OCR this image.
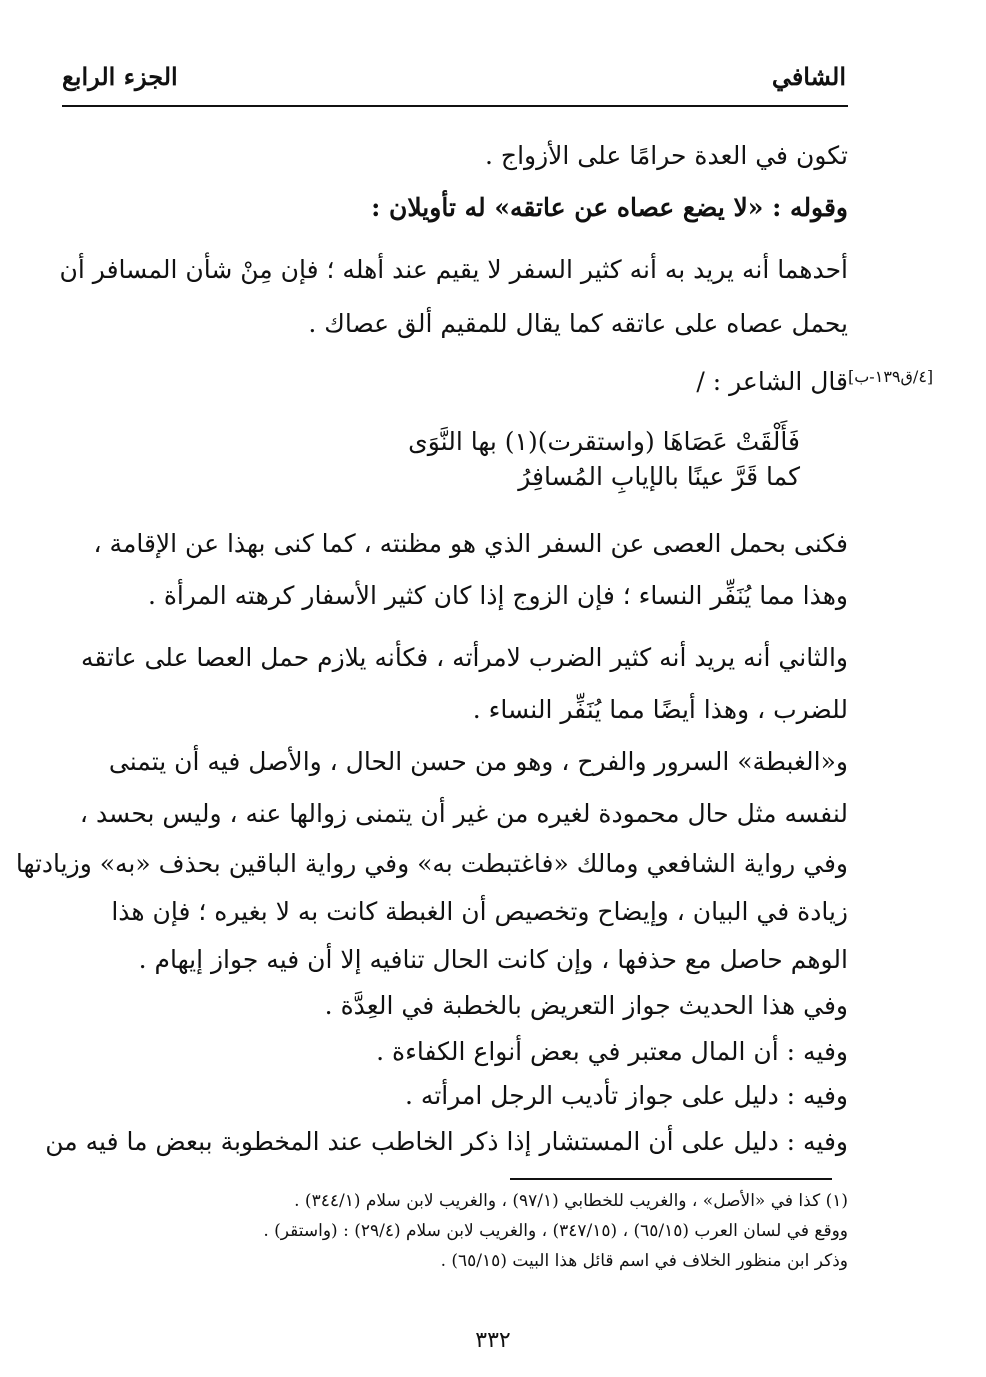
الشافي
الجزء الرابع
[٤/ق١٣٩-ب]
تكون في العدة حرامًا على الأزواج .
وقوله : «لا يضع عصاه عن عاتقه» له تأويلان :
أحدهما أنه يريد به أنه كثير السفر لا يقيم عند أهله ؛ فإن مِنْ شأن المسافر أن
يحمل عصاه على عاتقه كما يقال للمقيم ألق عصاك .
قال الشاعر : /
فَأَلْقَتْ عَصَاهَا (واستقرت)(١) بها النَّوَى
كما قَرَّ عينًا بالإيابِ المُسافِرُ
فكنى بحمل العصى عن السفر الذي هو مظنته ، كما كنى بهذا عن الإقامة ،
وهذا مما يُنَفِّر النساء ؛ فإن الزوج إذا كان كثير الأسفار كرهته المرأة .
والثاني أنه يريد أنه كثير الضرب لامرأته ، فكأنه يلازم حمل العصا على عاتقه
للضرب ، وهذا أيضًا مما يُنَفِّر النساء .
و«الغبطة» السرور والفرح ، وهو من حسن الحال ، والأصل فيه أن يتمنى
لنفسه مثل حال محمودة لغيره من غير أن يتمنى زوالها عنه ، وليس بحسد ،
وفي رواية الشافعي ومالك «فاغتبطت به» وفي رواية الباقين بحذف «به» وزيادتها
زيادة في البيان ، وإيضاح وتخصيص أن الغبطة كانت به لا بغيره ؛ فإن هذا
الوهم حاصل مع حذفها ، وإن كانت الحال تنافيه إلا أن فيه جواز إيهام .
وفي هذا الحديث جواز التعريض بالخطبة في العِدَّة .
وفيه : أن المال معتبر في بعض أنواع الكفاءة .
وفيه : دليل على جواز تأديب الرجل امرأته .
وفيه : دليل على أن المستشار إذا ذكر الخاطب عند المخطوبة ببعض ما فيه من
(١) كذا في «الأصل» ، والغريب للخطابي (٩٧/١) ، والغريب لابن سلام (٣٤٤/١) .
ووقع في لسان العرب (٦٥/١٥) ، (٣٤٧/١٥) ، والغريب لابن سلام (٢٩/٤) : (واستقر) .
وذكر ابن منظور الخلاف في اسم قائل هذا البيت (٦٥/١٥) .
٣٣٢
